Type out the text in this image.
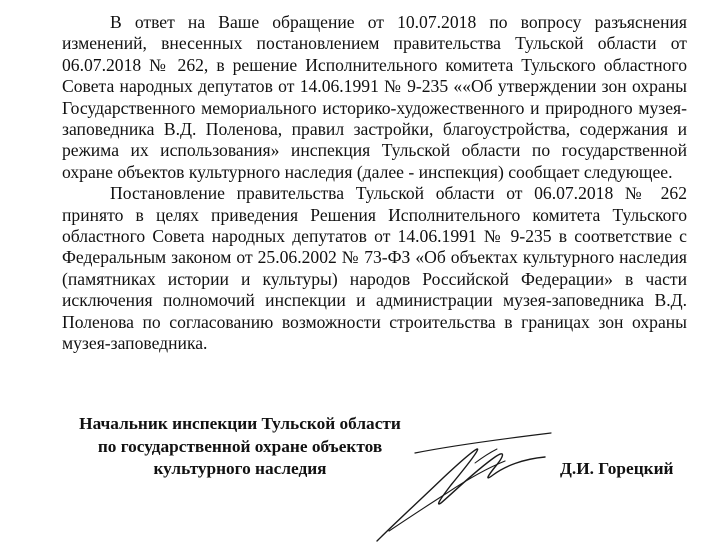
В ответ на Ваше обращение от 10.07.2018 по вопросу разъяснения изменений, внесенных постановлением правительства Тульской области от 06.07.2018 № 262, в решение Исполнительного комитета Тульского областного Совета народных депутатов от 14.06.1991 № 9-235 ««Об утверждении зон охраны Государственного мемориального историко-художественного и природного музея-заповедника В.Д. Поленова, правил застройки, благоустройства, содержания и режима их использования» инспекция Тульской области по государственной охране объектов культурного наследия (далее - инспекция) сообщает следующее.

Постановление правительства Тульской области от 06.07.2018 № 262 принято в целях приведения Решения Исполнительного комитета Тульского областного Совета народных депутатов от 14.06.1991 № 9-235 в соответствие с Федеральным законом от 25.06.2002 № 73-ФЗ «Об объектах культурного наследия (памятниках истории и культуры) народов Российской Федерации» в части исключения полномочий инспекции и администрации музея-заповедника В.Д. Поленова по согласованию возможности строительства в границах зон охраны музея-заповедника.

Начальник инспекции Тульской области
по государственной охране объектов
культурного наследия	Д.И. Горецкий
